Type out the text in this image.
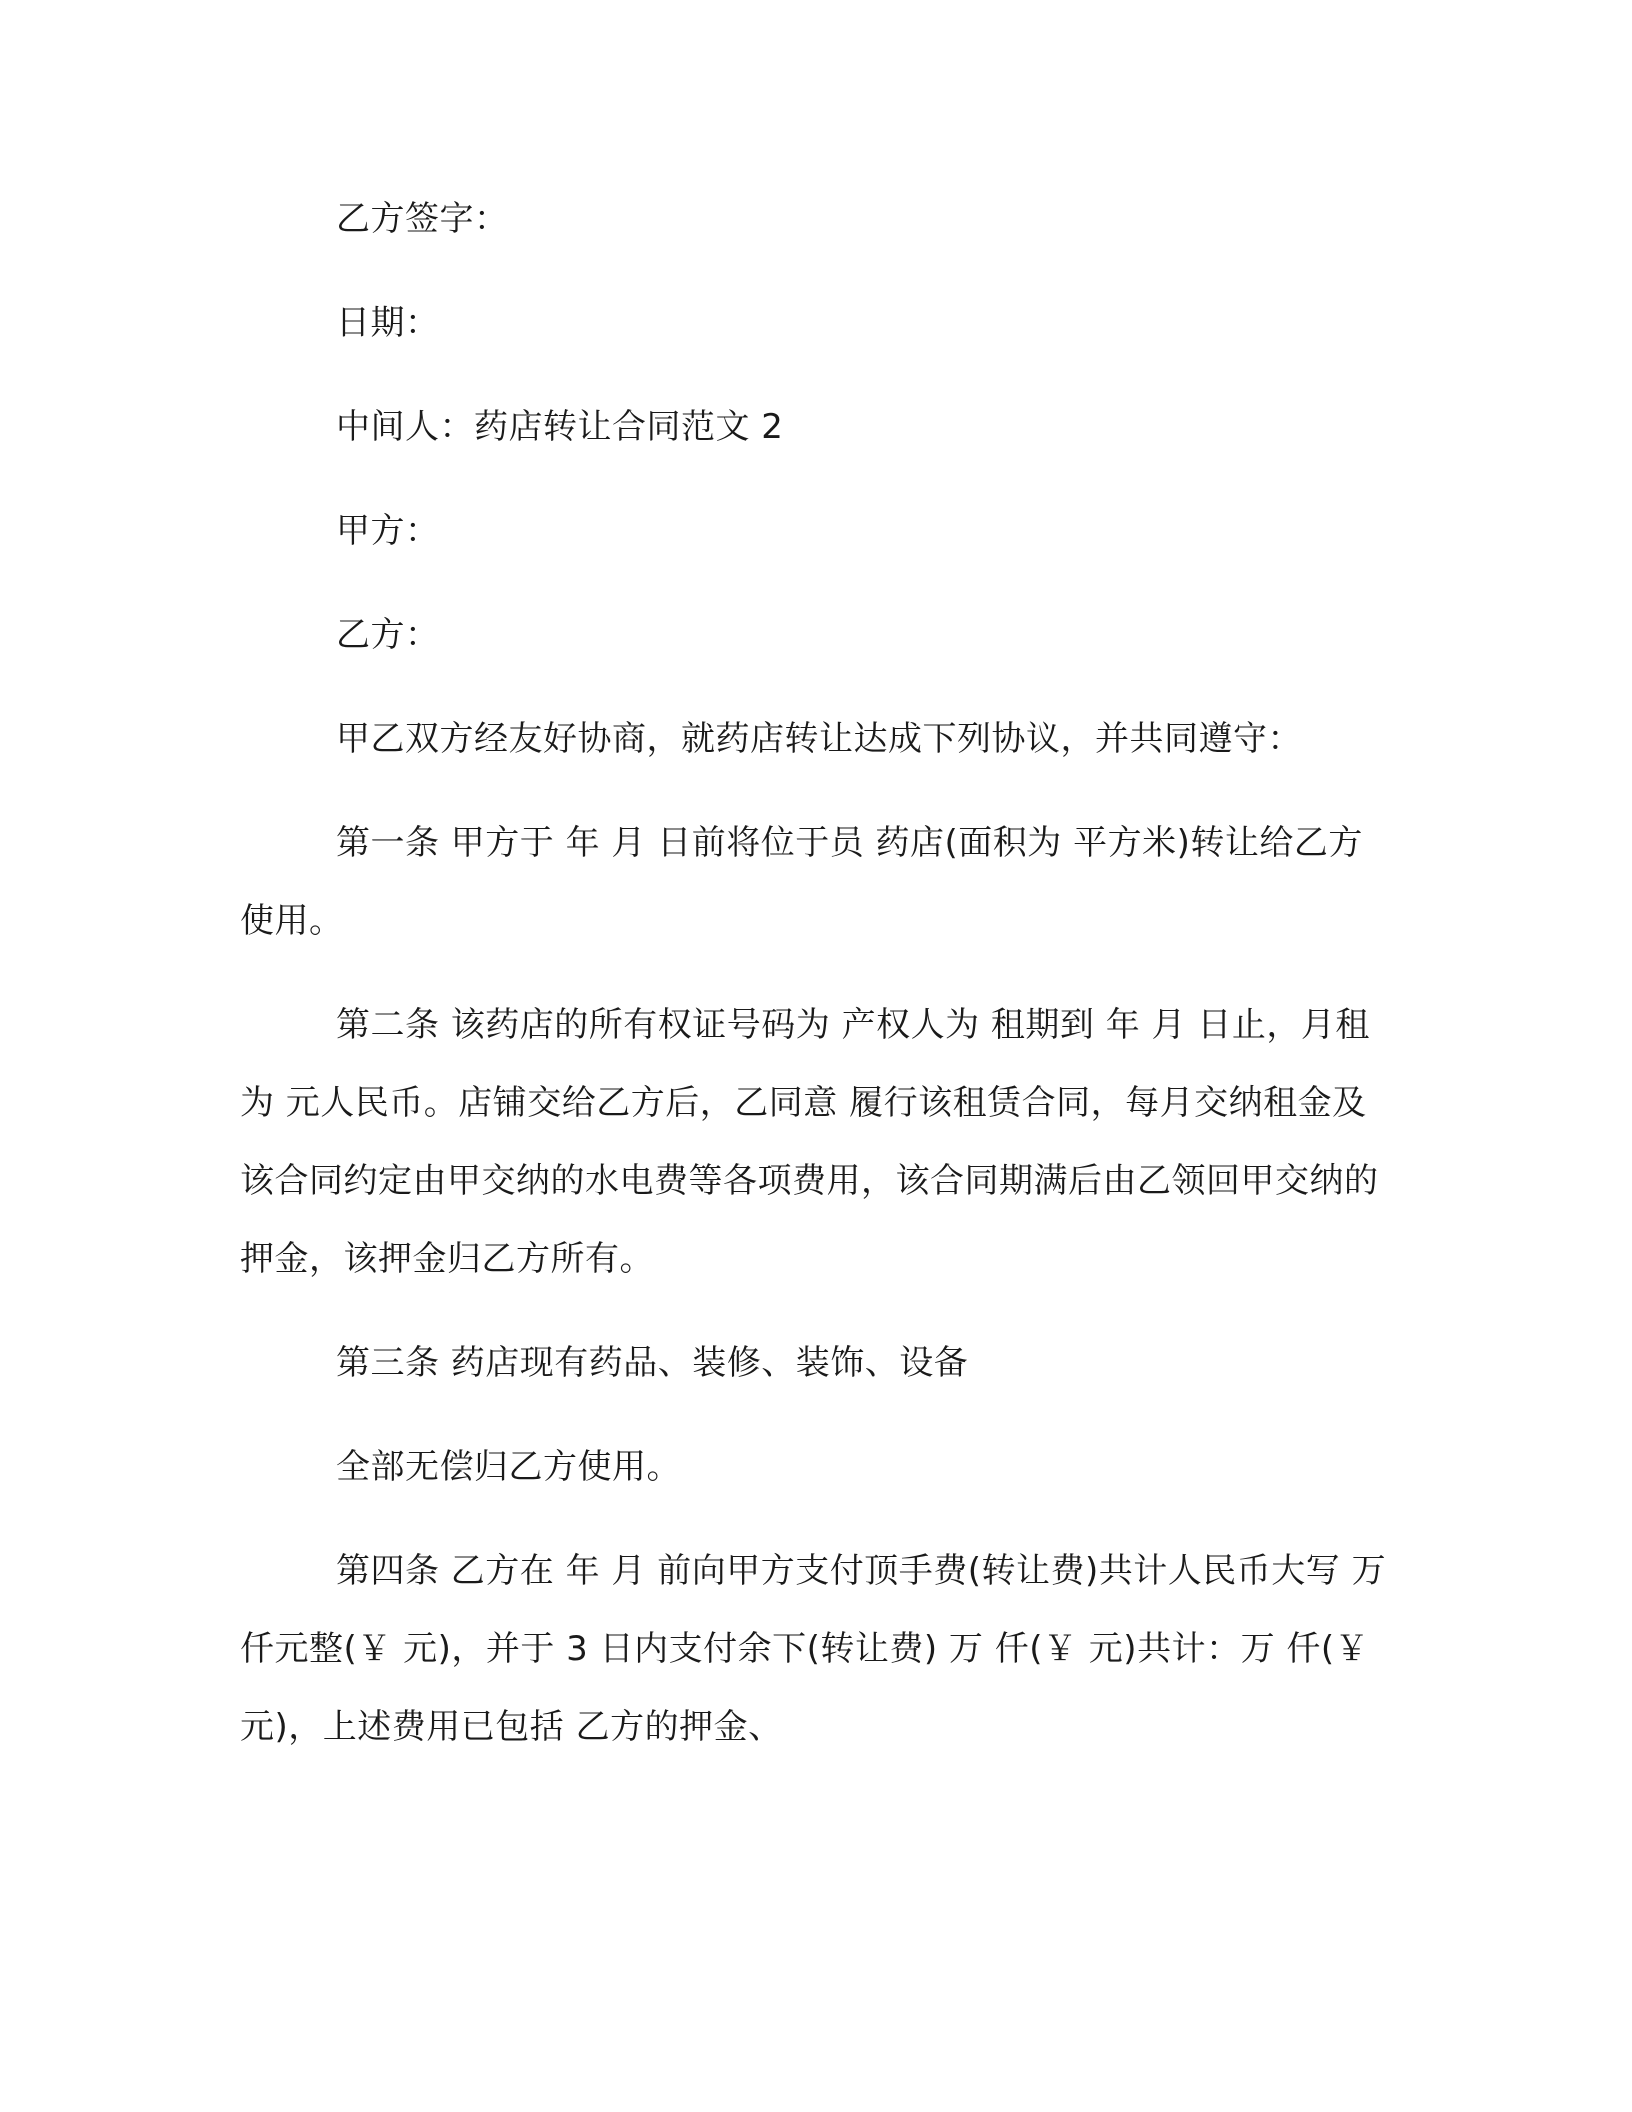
乙方签字：

日期：

中间人：药店转让合同范文 2

甲方：

乙方：

甲乙双方经友好协商，就药店转让达成下列协议，并共同遵守：

第一条 甲方于 年 月 日前将位于员 药店(面积为 平方米)转让给乙方使用。

第二条 该药店的所有权证号码为 产权人为 租期到 年 月 日止，月租为 元人民币。店铺交给乙方后，乙同意 履行该租赁合同，每月交纳租金及该合同约定由甲交纳的水电费等各项费用，该合同期满后由乙领回甲交纳的押金，该押金归乙方所有。

第三条 药店现有药品、装修、装饰、设备

全部无偿归乙方使用。

第四条 乙方在 年 月 前向甲方支付顶手费(转让费)共计人民币大写 万 仟元整(￥ 元)，并于 3 日内支付余下(转让费) 万 仟(￥ 元)共计：万 仟(￥ 元)，上述费用已包括 乙方的押金、
